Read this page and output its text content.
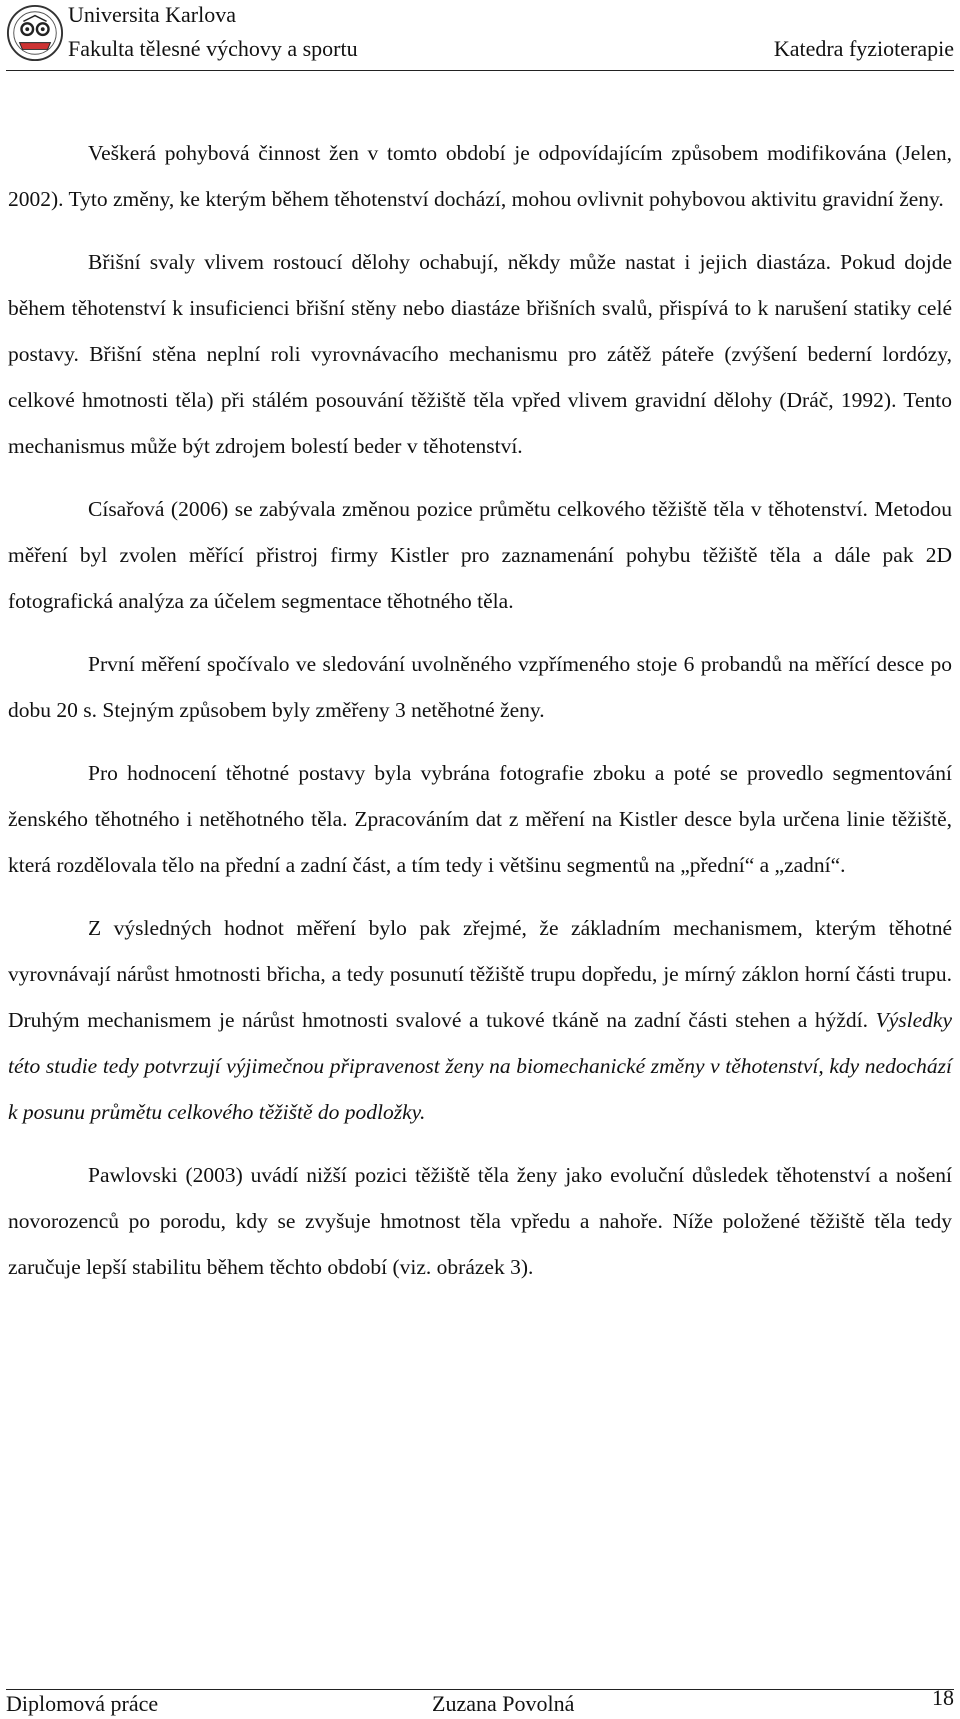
Universita Karlova
Fakulta tělesné výchovy a sportu	Katedra fyzioterapie

Veškerá pohybová činnost žen v tomto období je odpovídajícím způsobem modifikována (Jelen, 2002). Tyto změny, ke kterým během těhotenství dochází, mohou ovlivnit pohybovou aktivitu gravidní ženy.

Břišní svaly vlivem rostoucí dělohy ochabují, někdy může nastat i jejich diastáza. Pokud dojde během těhotenství k insuficienci břišní stěny nebo diastáze břišních svalů, přispívá to k narušení statiky celé postavy. Břišní stěna neplní roli vyrovnávacího mechanismu pro zátěž páteře (zvýšení bederní lordózy, celkové hmotnosti těla) při stálém posouvání těžiště těla vpřed vlivem gravidní dělohy (Dráč, 1992). Tento mechanismus může být zdrojem bolestí beder v těhotenství.

Císařová (2006) se zabývala změnou pozice průmětu celkového těžiště těla v těhotenství. Metodou měření byl zvolen měřící přistroj firmy Kistler pro zaznamenání pohybu těžiště těla a dále pak 2D fotografická analýza za účelem segmentace těhotného těla.

První měření spočívalo ve sledování uvolněného vzpřímeného stoje 6 probandů na měřící desce po dobu 20 s. Stejným způsobem byly změřeny 3 netěhotné ženy.

Pro hodnocení těhotné postavy byla vybrána fotografie zboku a poté se provedlo segmentování ženského těhotného i netěhotného těla. Zpracováním dat z měření na Kistler desce byla určena linie těžiště, která rozdělovala tělo na přední a zadní část, a tím tedy i většinu segmentů na „přední“ a „zadní“.

Z výsledných hodnot měření bylo pak zřejmé, že základním mechanismem, kterým těhotné vyrovnávají nárůst hmotnosti břicha, a tedy posunutí těžiště trupu dopředu, je mírný záklon horní části trupu. Druhým mechanismem je nárůst hmotnosti svalové a tukové tkáně na zadní části stehen a hýždí. Výsledky této studie tedy potvrzují výjimečnou připravenost ženy na biomechanické změny v těhotenství, kdy nedochází k posunu průmětu celkového těžiště do podložky.

Pawlovski (2003) uvádí nižší pozici těžiště těla ženy jako evoluční důsledek těhotenství a nošení novorozenců po porodu, kdy se zvyšuje hmotnost těla vpředu a nahoře. Níže položené těžiště těla tedy zaručuje lepší stabilitu během těchto období (viz. obrázek 3).

Diplomová práce	Zuzana Povolná	18
